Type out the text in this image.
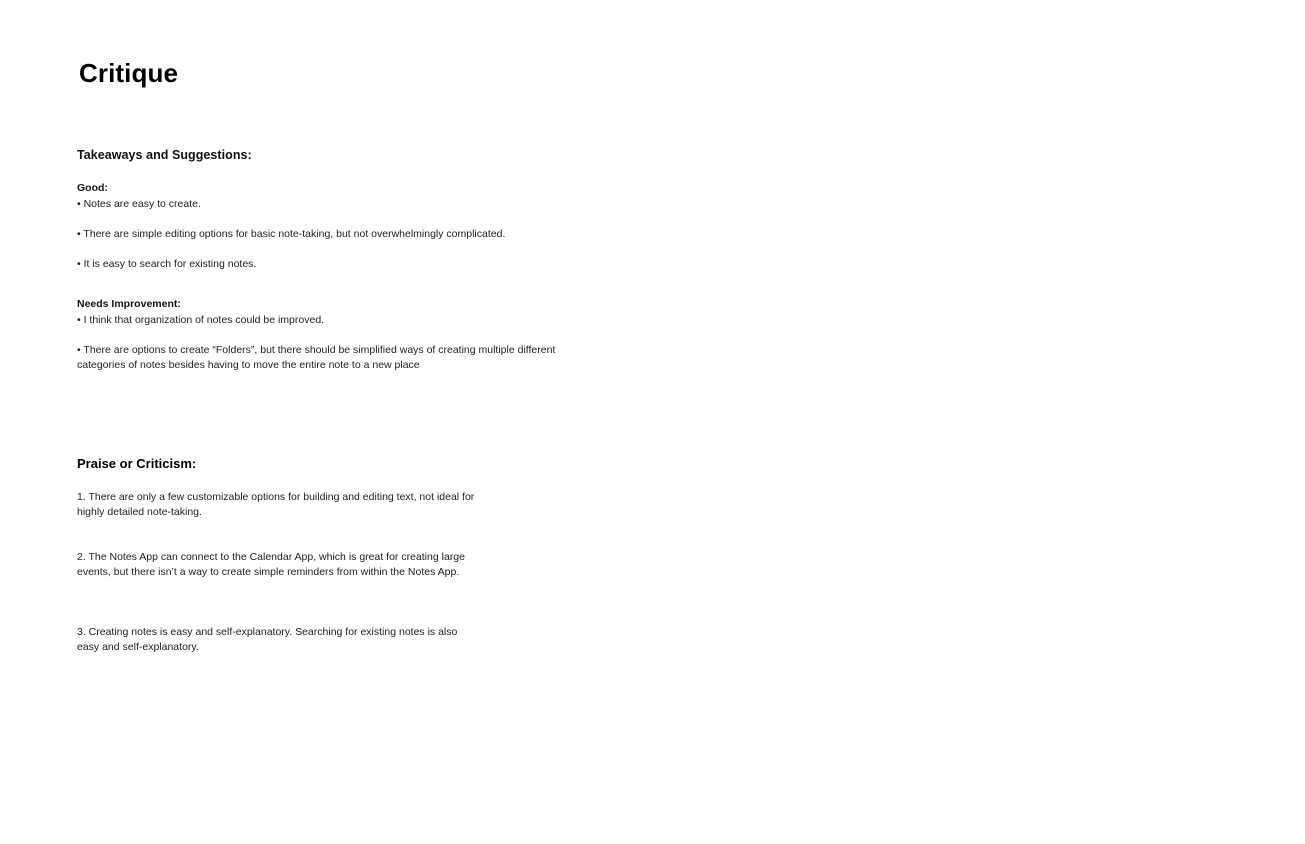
Critique
Takeaways and Suggestions:
Good:

• Notes are easy to create.

• There are simple editing options for basic note-taking, but not overwhelmingly complicated.

• It is easy to search for existing notes.

Needs Improvement:

• I think that organization of notes could be improved.

• There are options to create “Folders”, but there should be simplified ways of creating multiple different categories of notes besides having to move the entire note to a new place

Praise or Criticism:

1. There are only a few customizable options for building and editing text, not ideal for highly detailed note-taking.

2. The Notes App can connect to the Calendar App, which is great for creating large events, but there isn’t a way to create simple reminders from within the Notes App.

3. Creating notes is easy and self-explanatory. Searching for existing notes is also easy and self-explanatory.
